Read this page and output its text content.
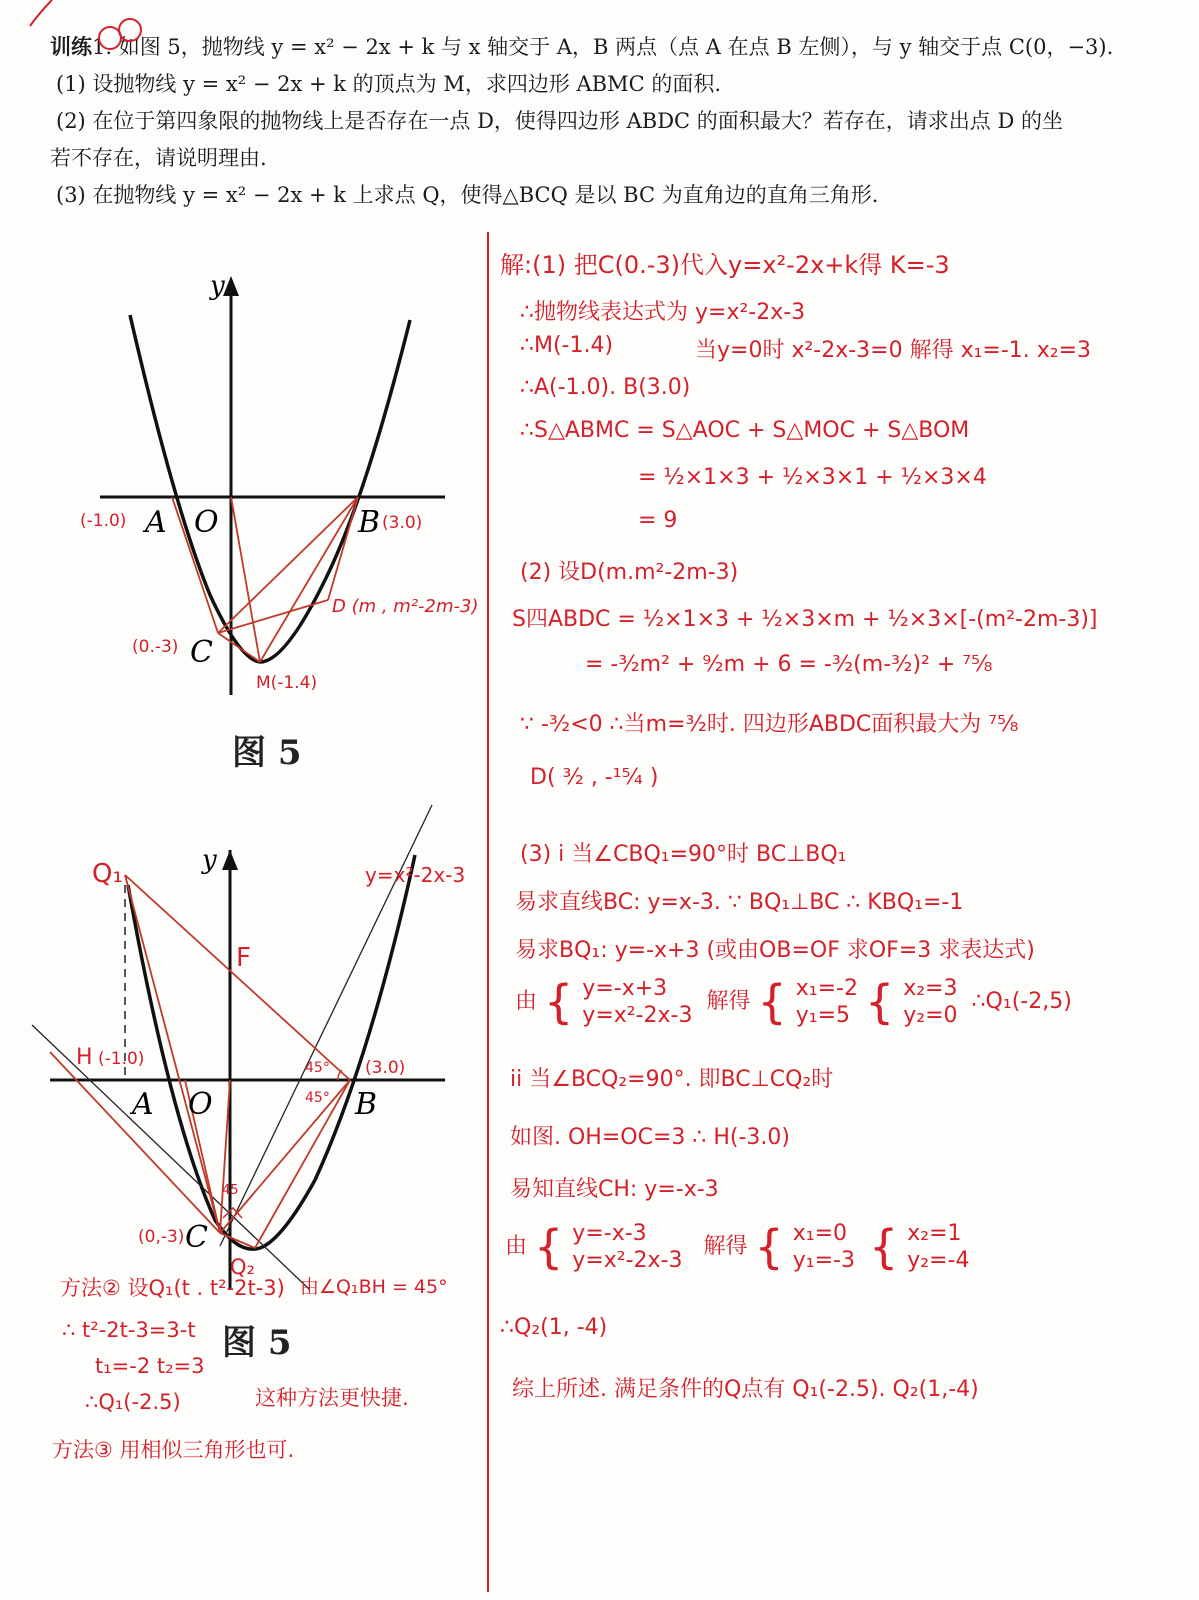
训练1. 如图 5，抛物线 y = x² − 2x + k 与 x 轴交于 A，B 两点（点 A 在点 B 左侧），与 y 轴交于点 C(0，−3).
(1) 设抛物线 y = x² − 2x + k 的顶点为 M，求四边形 ABMC 的面积.
(2) 在位于第四象限的抛物线上是否存在一点 D，使得四边形 ABDC 的面积最大？若存在，请求出点 D 的坐
若不存在，请说明理由.
(3) 在抛物线 y = x² − 2x + k 上求点 Q，使得△BCQ 是以 BC 为直角边的直角三角形.
y
A O	B
C
(-1.0)	(3.0)
(0.-3)
M(-1.4)
D (m , m²-2m-3)
图 5
y
A O	B
C
F
H (-1.0)
Q₁
Q₂
(3.0)
(0,-3)
y=x²-2x-3
45°
45°
45
方法② 设Q₁(t . t²-2t-3) 由∠Q₁BH = 45°
图 5
∴ t²-2t-3=3-t
t₁=-2 t₂=3
∴Q₁(-2.5)	这种方法更快捷.
方法③ 用相似三角形也可.
解:(1) 把C(0.-3)代入y=x²-2x+k得 K=-3
∴抛物线表达式为 y=x²-2x-3
∴M(-1.4)	当y=0时 x²-2x-3=0 解得 x₁=-1. x₂=3
∴A(-1.0). B(3.0)
∴S△ABMC = S△AOC + S△MOC + S△BOM
= ½×1×3 + ½×3×1 + ½×3×4
= 9
(2) 设D(m.m²-2m-3)
S四ABDC = ½×1×3 + ½×3×m + ½×3×[-(m²-2m-3)]
= -³⁄₂m² + ⁹⁄₂m + 6 = -³⁄₂(m-³⁄₂)² + ⁷⁵⁄₈
∵ -³⁄₂<0 ∴当m=³⁄₂时. 四边形ABDC面积最大为 ⁷⁵⁄₈
D( ³⁄₂ , -¹⁵⁄₄ )
(3) i 当∠CBQ₁=90°时 BC⊥BQ₁
易求直线BC: y=x-3. ∵ BQ₁⊥BC ∴ KBQ₁=-1
易求BQ₁: y=-x+3 (或由OB=OF 求OF=3 求表达式)
由 { y=-x+3
y=x²-2x-3  解得 { x₁=-2
y₁=5 { x₂=3
y₂=0  ∴Q₁(-2,5)
ii 当∠BCQ₂=90°. 即BC⊥CQ₂时
如图. OH=OC=3 ∴ H(-3.0)
易知直线CH: y=-x-3
由 { y=-x-3
y=x²-2x-3   解得 { x₁=0
y₁=-3 { x₂=1
y₂=-4
∴Q₂(1, -4)
综上所述. 满足条件的Q点有 Q₁(-2.5). Q₂(1,-4)
